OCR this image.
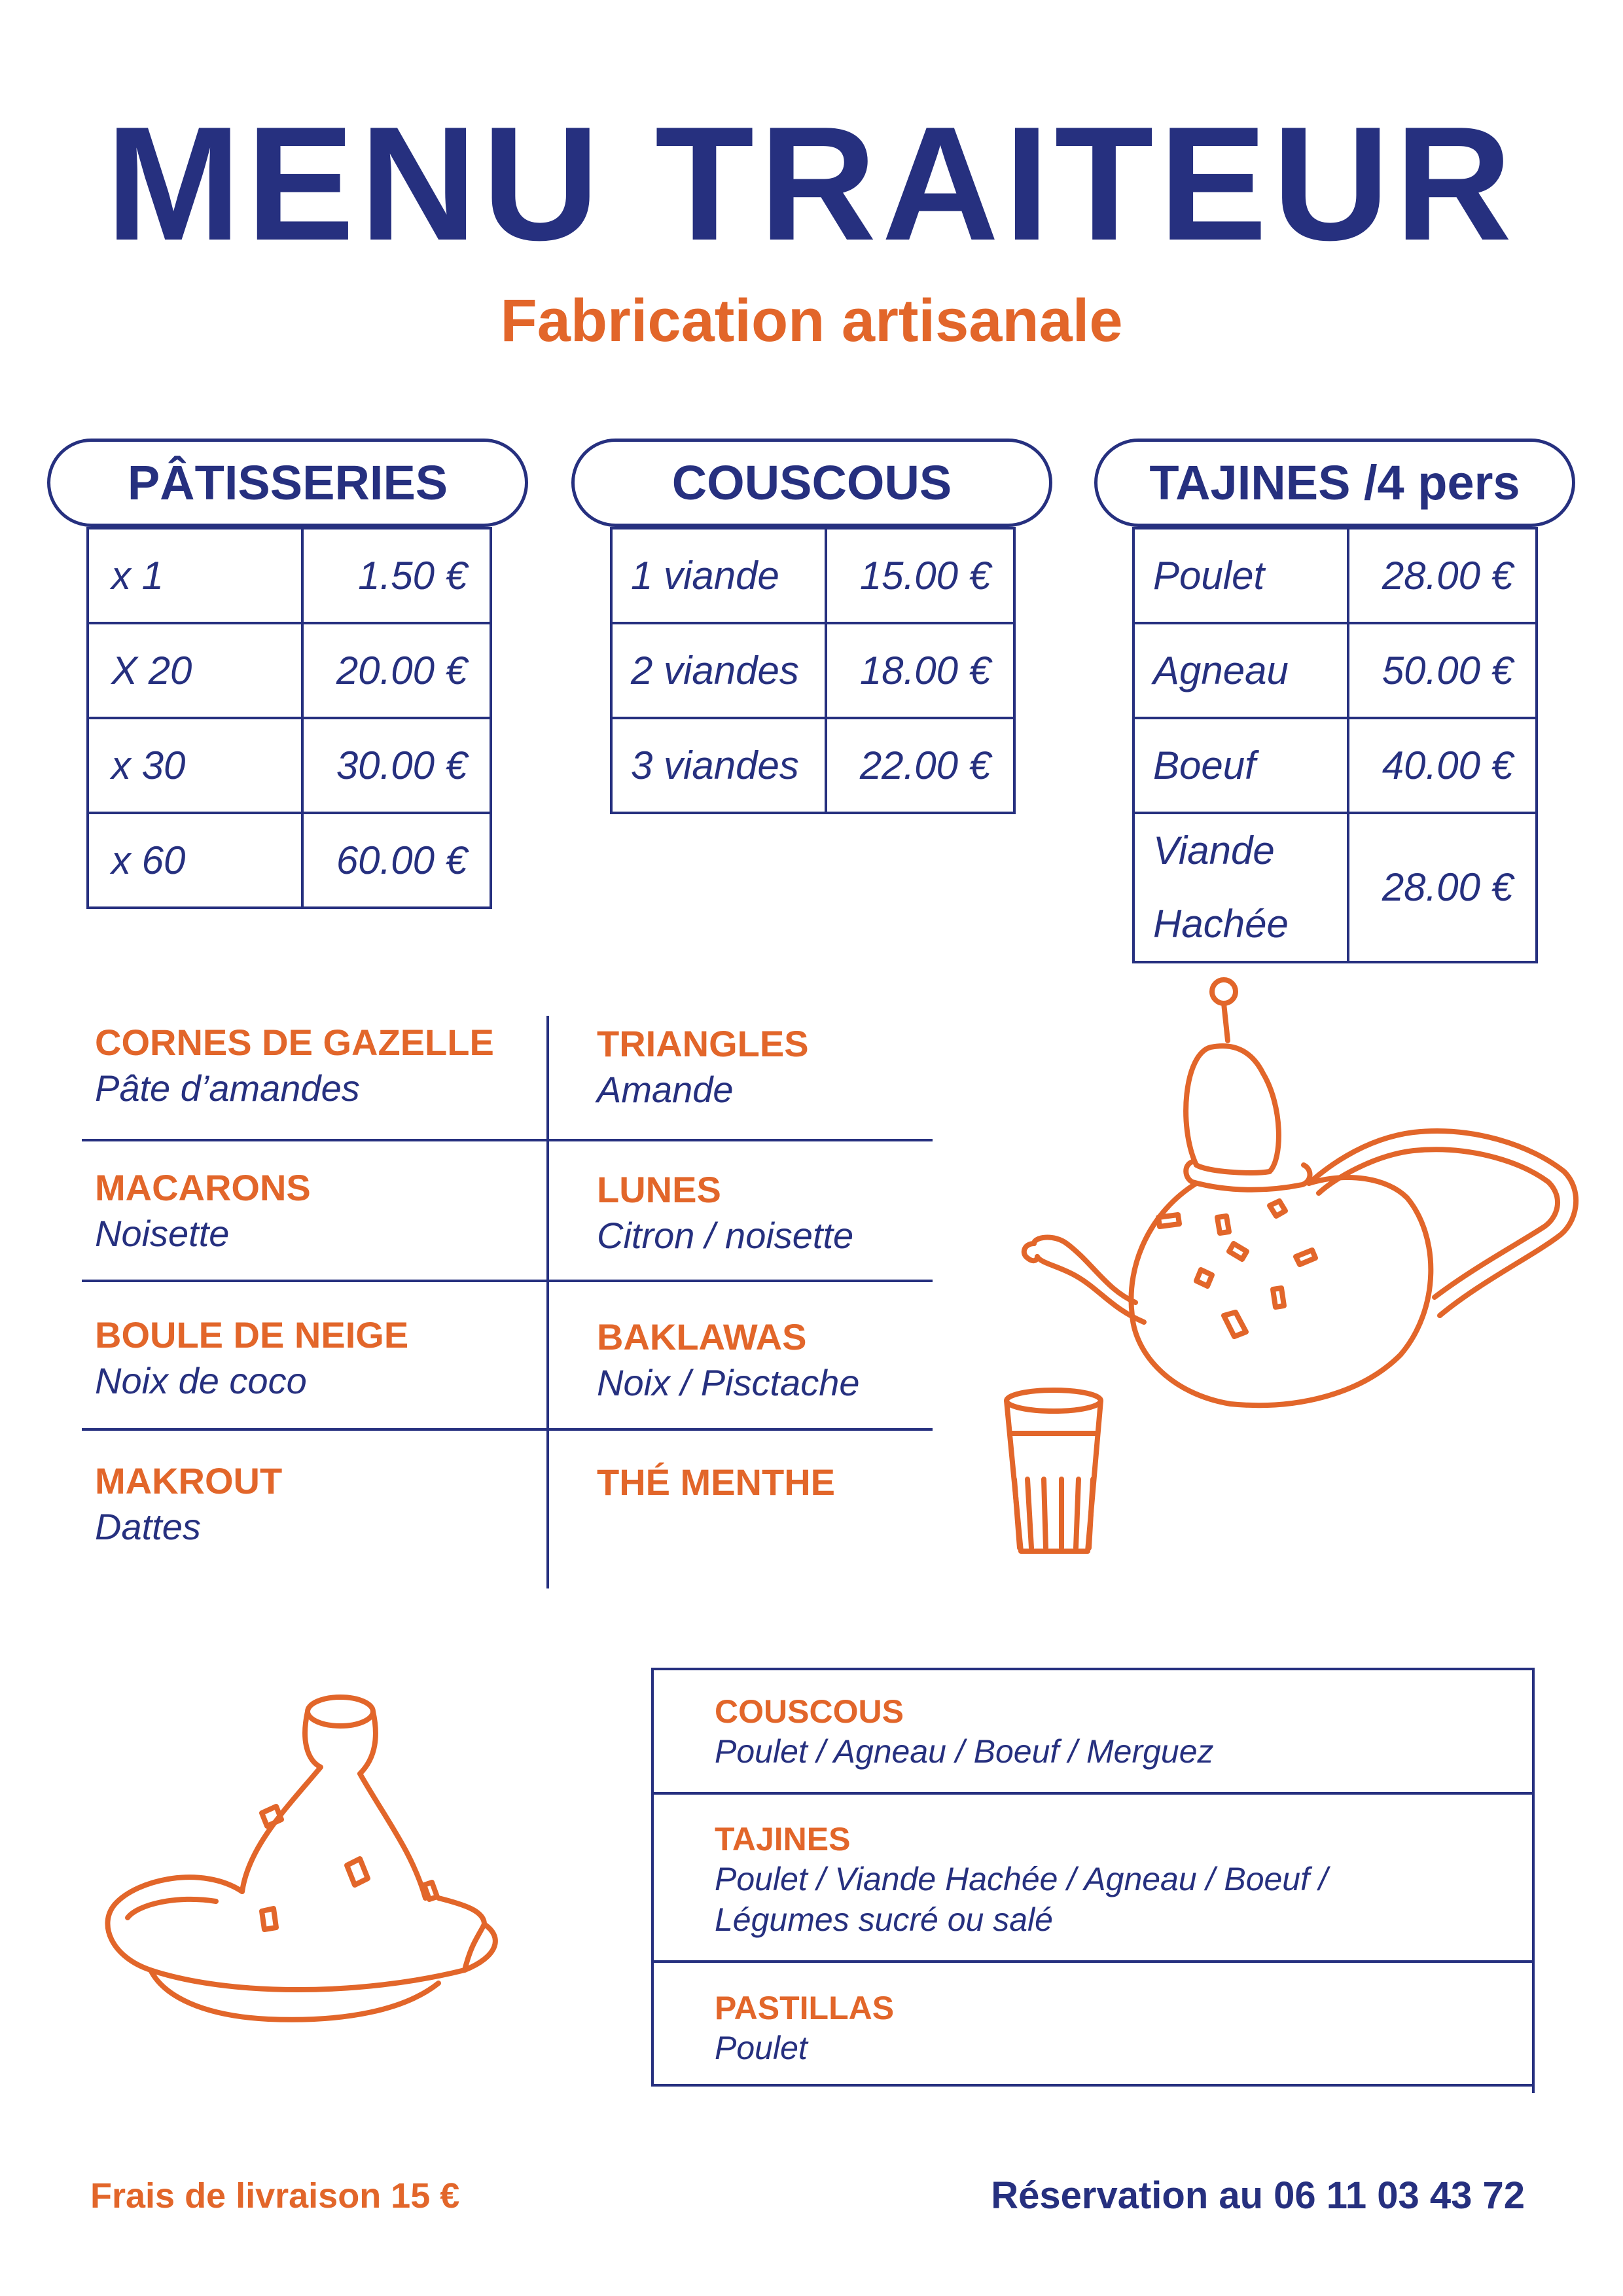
MENU TRAITEUR
Fabrication artisanale
PÂTISSERIES
x 1	1.50 €
X 20	20.00 €
x 30	30.00 €
x 60	60.00 €
COUSCOUS
1 viande	15.00 €
2 viandes	18.00 €
3 viandes	22.00 €
TAJINES /4 pers
Poulet	28.00 €
Agneau	50.00 €
Boeuf	40.00 €
Viande Hachée	28.00 €
CORNES DE GAZELLE
Pâte d’amandes
TRIANGLES
Amande
MACARONS
Noisette
LUNES
Citron / noisette
BOULE DE NEIGE
Noix de coco
BAKLAWAS
Noix / Pisctache
MAKROUT
Dattes
THÉ MENTHE
COUSCOUS
Poulet / Agneau / Boeuf / Merguez
TAJINES
Poulet / Viande Hachée / Agneau / Boeuf /
Légumes sucré ou salé
PASTILLAS
Poulet
Frais de livraison 15 €	Réservation au 06 11 03 43 72
